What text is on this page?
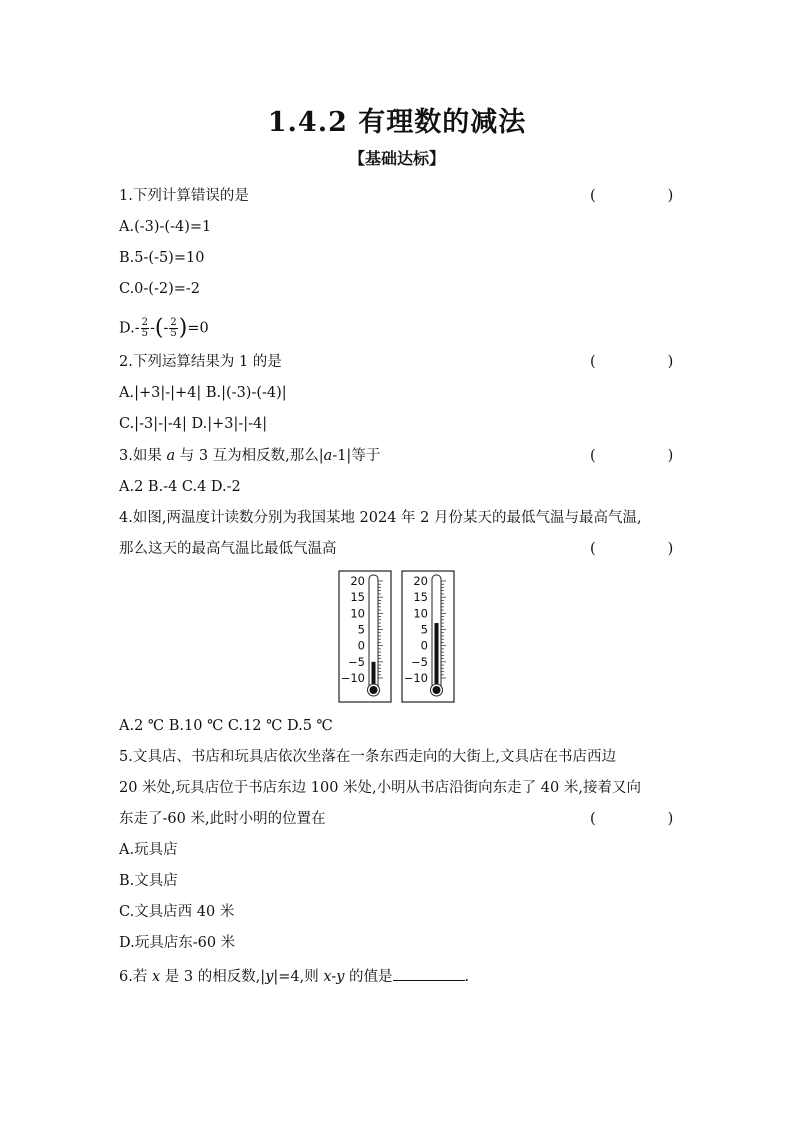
1.4.2 有理数的减法
【基础达标】
1.下列计算错误的是	(	)
A.(-3)-(-4)=1
B.5-(-5)=10
C.0-(-2)=-2
$D.- \frac{2}{5}$ -(- $\frac{2}{5} )=0$
2.下列运算结果为 1 的是	(	)
A.|+3|-|+4| B.|(-3)-(-4)|
C.|-3|-|-4| D.|+3|-|-4|
3.如果 a 与 3 互为相反数,那么|a-1|等于	(	)
A.2 B.-4 C.4 D.-2
4.如图,两温度计读数分别为我国某地 2024 年 2 月份某天的最低气温与最高气温,
那么这天的最高气温比最低气温高	(	)
20
15
10
5
0
−5
−10
20
15
10
5
0
−5
−10
A.2 ℃ B.10 ℃ C.12 ℃ D.5 ℃
5.文具店、书店和玩具店依次坐落在一条东西走向的大街上,文具店在书店西边
20 米处,玩具店位于书店东边 100 米处,小明从书店沿街向东走了 40 米,接着又向
东走了-60 米,此时小明的位置在	(	)
A.玩具店
B.文具店
C.文具店西 40 米
D.玩具店东-60 米
6.若 x 是 3 的相反数,|y|=4,则 x-y 的值是	.
